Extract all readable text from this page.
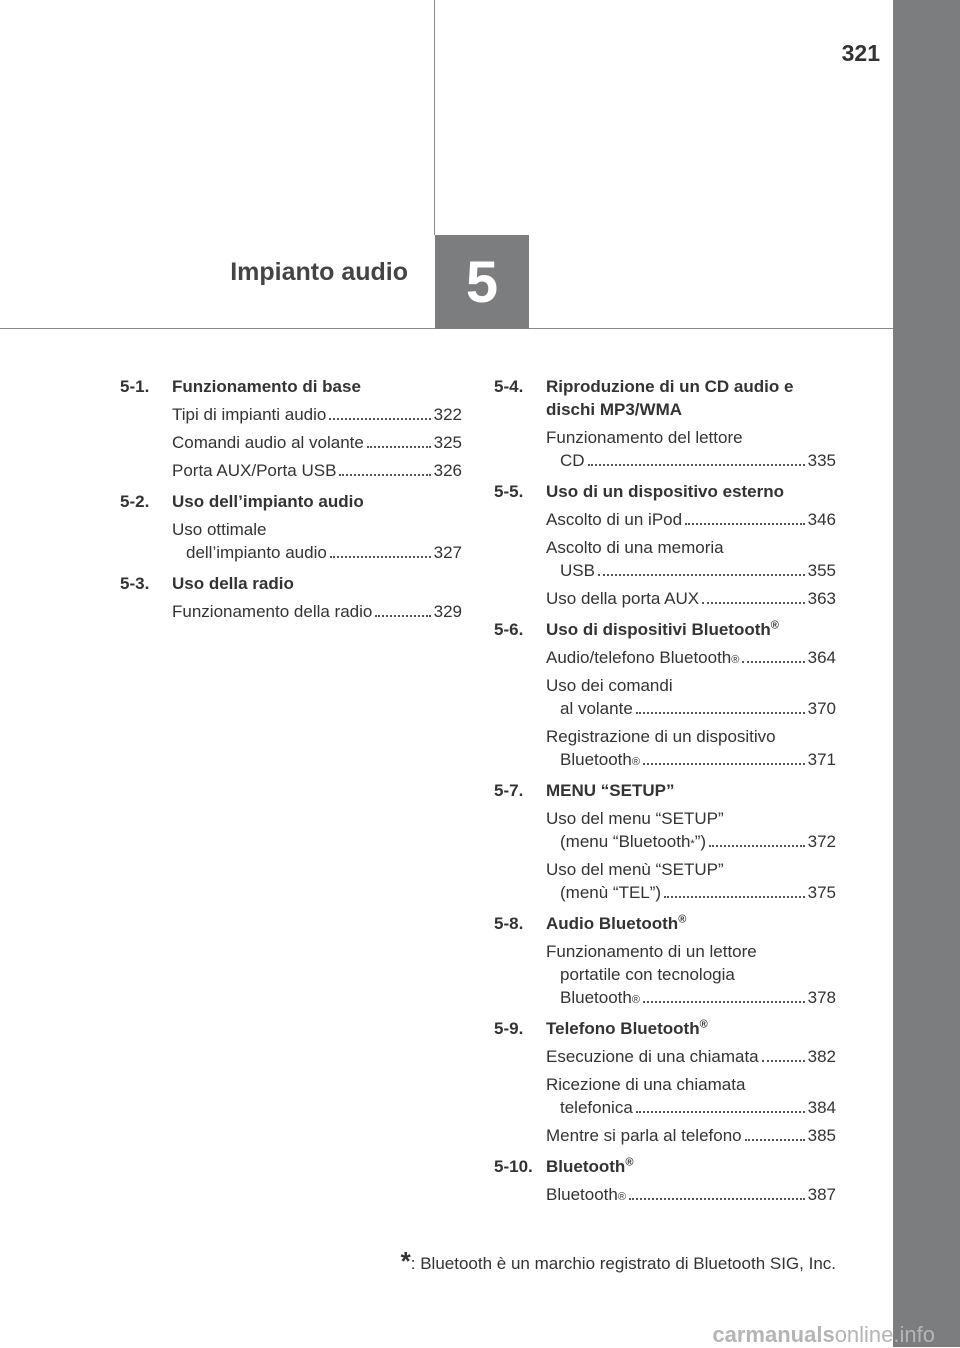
321
Impianto audio 5
5-1. Funzionamento di base
Tipi di impianti audio	322
Comandi audio al volante	325
Porta AUX/Porta USB	326
5-2. Uso dell’impianto audio
Uso ottimale
dell’impianto audio	327
5-3. Uso della radio
Funzionamento della radio	329
5-4. Riproduzione di un CD audio e
dischi MP3/WMA
Funzionamento del lettore
CD	335
5-5. Uso di un dispositivo esterno
Ascolto di un iPod	346
Ascolto di una memoria
USB	355
Uso della porta AUX	363
5-6. Uso di dispositivi Bluetooth®
Audio/telefono Bluetooth ®	364
Uso dei comandi
al volante	370
Registrazione di un dispositivo
Bluetooth ®	371
5-7. MENU “SETUP”
Uso del menu “SETUP”
(menu “Bluetooth * ”)	372
Uso del menù “SETUP”
(menù “TEL”)	375
5-8. Audio Bluetooth®
Funzionamento di un lettore
portatile con tecnologia
Bluetooth ®	378
5-9. Telefono Bluetooth®
Esecuzione di una chiamata	382
Ricezione di una chiamata
telefonica	384
Mentre si parla al telefono	385
5-10. Bluetooth®
Bluetooth ®	387
*: Bluetooth è un marchio registrato di Bluetooth SIG, Inc.
carmanualsonline.info
